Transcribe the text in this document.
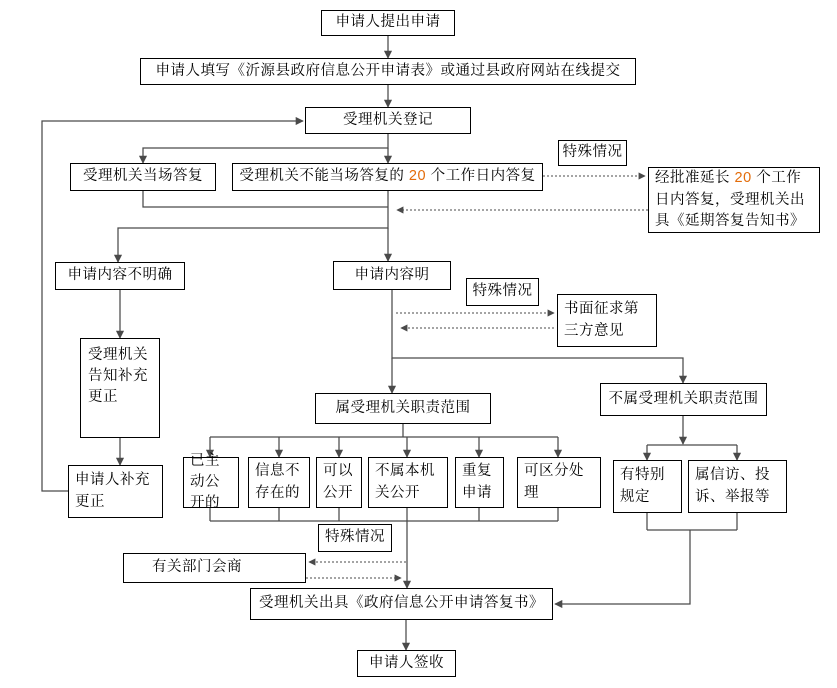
申请人提出申请
申请人填写《沂源县政府信息公开申请表》或通过县政府网站在线提交
受理机关登记
受理机关当场答复	受理机关不能当场答复的 20 个工作日内答复
特殊情况
经批准延长 20 个工作日内答复，受理机关出具《延期答复告知书》
申请内容不明确	申请内容明
特殊情况
书面征求第三方意见
受理机关告知补充更正
申请人补充更正
属受理机关职责范围
不属受理机关职责范围
已主动公开的
信息不存在的
可以公开
不属本机关公开
重复申请
可区分处理
有特别规定
属信访、投诉、举报等
特殊情况
有关部门会商
受理机关出具《政府信息公开申请答复书》
申请人签收
